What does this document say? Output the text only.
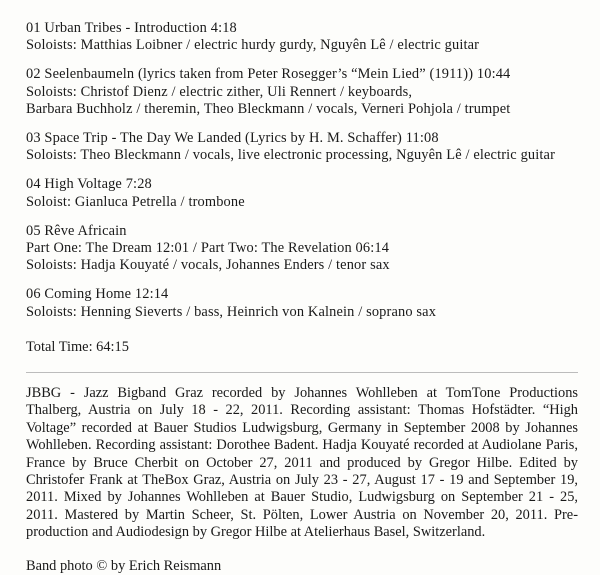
01 Urban Tribes - Introduction 4:18
Soloists: Matthias Loibner / electric hurdy gurdy, Nguyên Lê / electric guitar
02 Seelenbaumeln (lyrics taken from Peter Rosegger’s “Mein Lied” (1911)) 10:44
Soloists: Christof Dienz / electric zither, Uli Rennert / keyboards,
Barbara Buchholz / theremin, Theo Bleckmann / vocals, Verneri Pohjola / trumpet
03 Space Trip - The Day We Landed (Lyrics by H. M. Schaffer) 11:08
Soloists: Theo Bleckmann / vocals, live electronic processing, Nguyên Lê / electric guitar
04 High Voltage 7:28
Soloist: Gianluca Petrella / trombone
05 Rêve Africain
Part One: The Dream 12:01 / Part Two: The Revelation 06:14
Soloists: Hadja Kouyaté / vocals, Johannes Enders / tenor sax
06 Coming Home 12:14
Soloists: Henning Sieverts / bass, Heinrich von Kalnein / soprano sax
Total Time: 64:15
JBBG - Jazz Bigband Graz recorded by Johannes Wohlleben at TomTone Productions Thalberg, Austria on July 18 - 22, 2011. Recording assistant: Thomas Hofstädter. “High Voltage” recorded at Bauer Studios Ludwigsburg, Germany in September 2008 by Johannes Wohlleben. Recording assistant: Dorothee Badent. Hadja Kouyaté recorded at Audiolane Paris, France by Bruce Cherbit on October 27, 2011 and produced by Gregor Hilbe. Edited by Christofer Frank at TheBox Graz, Austria on July 23 - 27, August 17 - 19 and September 19, 2011. Mixed by Johannes Wohlleben at Bauer Studio, Ludwigsburg on September 21 - 25, 2011. Mastered by Martin Scheer, St. Pölten, Lower Austria on November 20, 2011. Pre-production and Audiodesign by Gregor Hilbe at Atelierhaus Basel, Switzerland.
Band photo © by Erich Reismann
